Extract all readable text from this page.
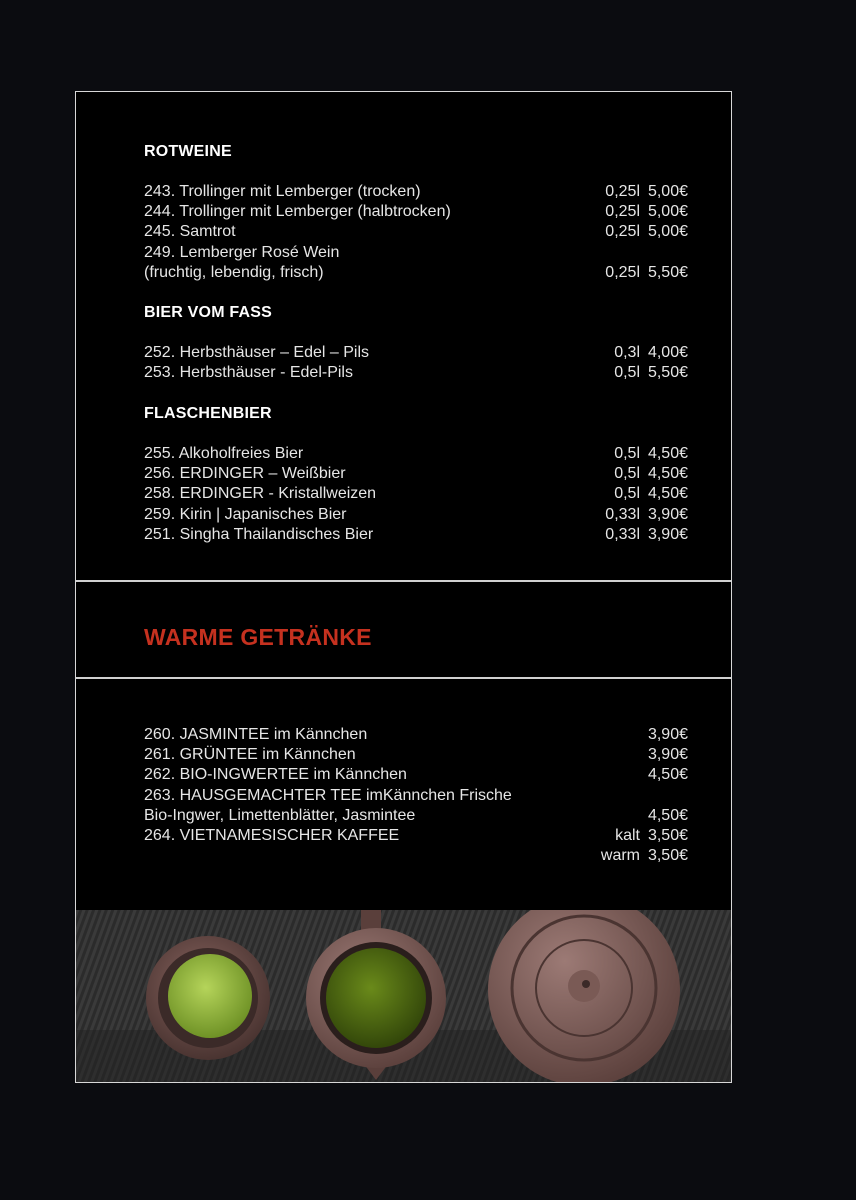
ROTWEINE
243. Trollinger mit Lemberger (trocken)	0,25l 5,00€
244. Trollinger mit Lemberger (halbtrocken)	0,25l 5,00€
245. Samtrot	0,25l 5,00€
249. Lemberger Rosé Wein
(fruchtig, lebendig, frisch)	0,25l 5,50€
BIER VOM FASS
252. Herbsthäuser – Edel – Pils	0,3l 4,00€
253. Herbsthäuser - Edel-Pils	0,5l 5,50€
FLASCHENBIER
255. Alkoholfreies Bier	0,5l 4,50€
256. ERDINGER – Weißbier	0,5l 4,50€
258. ERDINGER - Kristallweizen	0,5l 4,50€
259. Kirin | Japanisches Bier	0,33l 3,90€
251. Singha Thailandisches Bier	0,33l 3,90€
WARME GETRÄNKE
260. JASMINTEE im Kännchen	3,90€
261. GRÜNTEE im Kännchen	3,90€
262. BIO-INGWERTEE im Kännchen	4,50€
263. HAUSGEMACHTER TEE imKännchen Frische
Bio-Ingwer, Limettenblätter, Jasmintee	4,50€
264. VIETNAMESISCHER KAFFEE	kalt 3,50€
warm 3,50€
